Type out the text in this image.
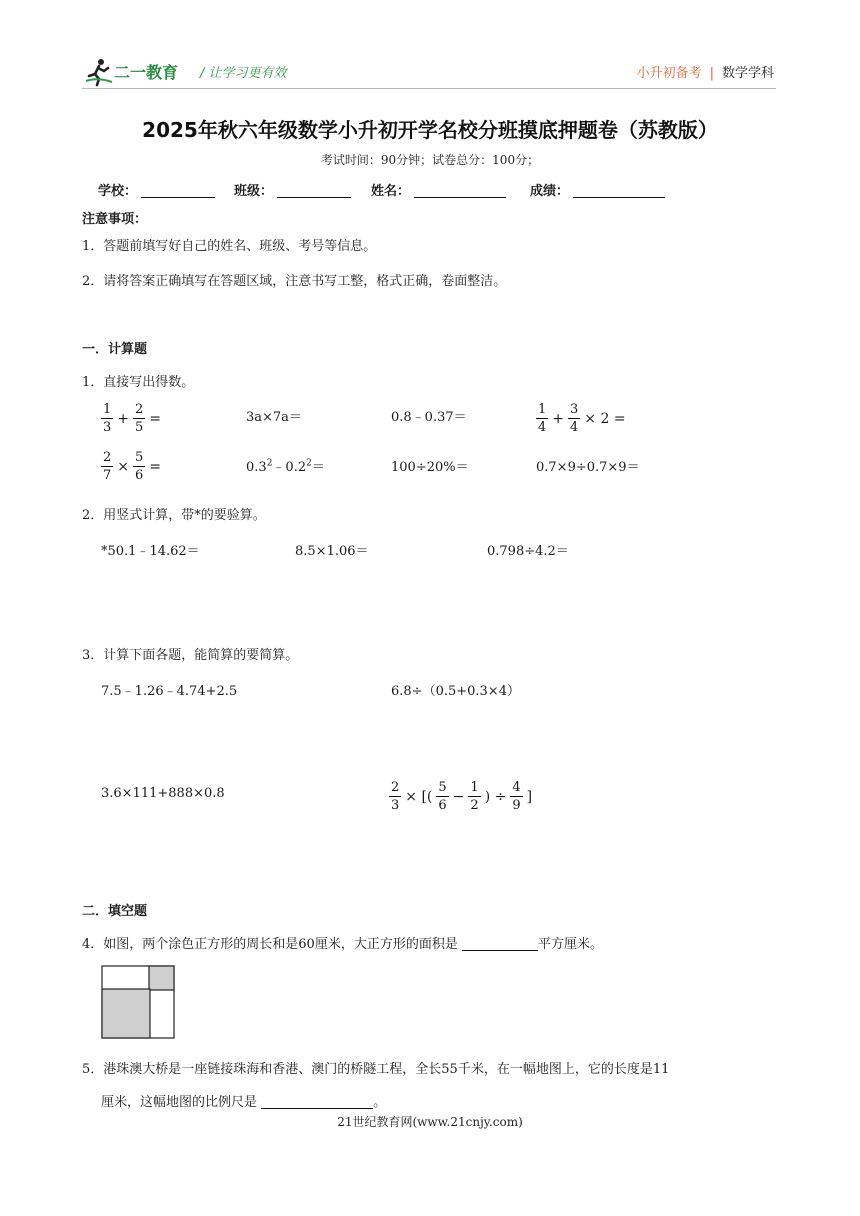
二一教育 / 让学习更有效	小升初备考 | 数学学科
2025年秋六年级数学小升初开学名校分班摸底押题卷（苏教版）
考试时间：90分钟；试卷总分：100分；
学校：	班级：	姓名：	成绩：
注意事项：
1．答题前填写好自己的姓名、班级、考号等信息。
2．请将答案正确填写在答题区域，注意书写工整，格式正确，卷面整洁。
一．计算题
1．直接写出得数。
$\frac{1}{3} + \frac{2}{5}$ =	3a×7a＝	0.8﹣0.37＝	$\frac{1}{4} + \frac{3}{4} \times 2$ =
$\frac{2}{7} \times \frac{5}{6}$ =	$0.3^2﹣0.2^2=$	100÷20%＝	0.7×9÷0.7×9＝
2．用竖式计算，带*的要验算。
*50.1﹣14.62＝	8.5×1.06＝	0.798÷4.2＝
3．计算下面各题，能简算的要简算。
7.5﹣1.26﹣4.74+2.5	6.8÷（0.5+0.3×4）
3.6×111+888×0.8	$\frac{2}{3}$ × [( $\frac{5}{6} - \frac{1}{2}$ ) ÷ $\frac{4}{9}$ ]
二．填空题
4．如图，两个涂色正方形的周长和是60厘米，大正方形的面积是	平方厘米。
5．港珠澳大桥是一座链接珠海和香港、澳门的桥隧工程，全长55千米，在一幅地图上，它的长度是11
厘米，这幅地图的比例尺是	。
21世纪教育网(www.21cnjy.com)
